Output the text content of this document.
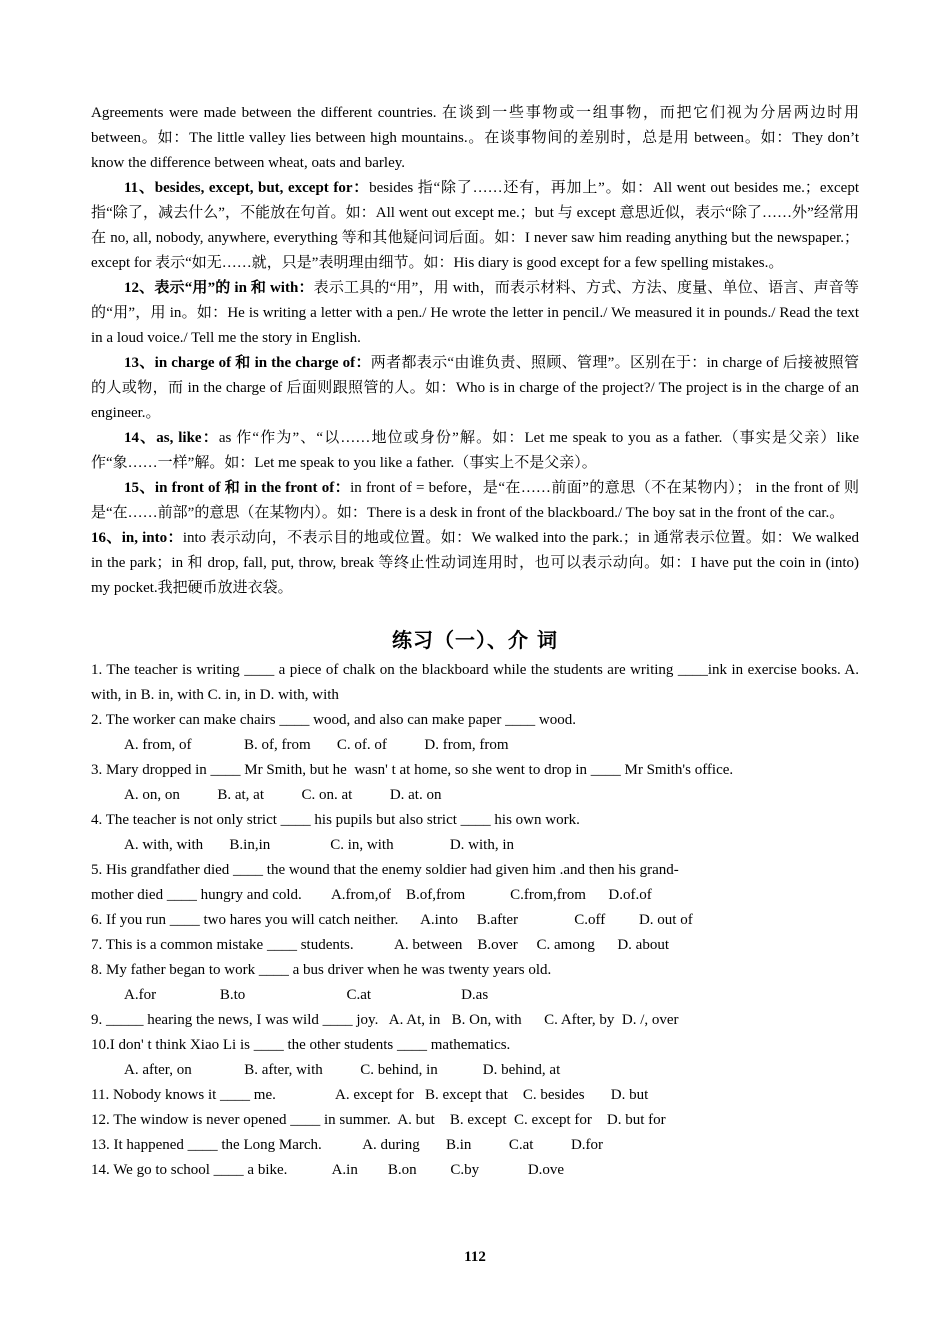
Agreements were made between the different countries. 在谈到一些事物或一组事物，而把它们视为分居两边时用 between。如：The little valley lies between high mountains.。在谈事物间的差别时，总是用 between。如：They don’t know the difference between wheat, oats and barley.

11、besides, except, but, except for：besides 指“除了……还有，再加上”。如：All went out besides me.；except 指“除了，减去什么”，不能放在句首。如：All went out except me.；but 与 except 意思近似，表示“除了……外”经常用在 no, all, nobody, anywhere, everything 等和其他疑问词后面。如：I never saw him reading anything but the newspaper.；except for 表示“如无……就，只是”表明理由细节。如：His diary is good except for a few spelling mistakes.。

12、表示“用”的 in 和 with：表示工具的“用”，用 with，而表示材料、方式、方法、度量、单位、语言、声音等的“用”，用 in。如：He is writing a letter with a pen./ He wrote the letter in pencil./ We measured it in pounds./ Read the text in a loud voice./ Tell me the story in English.

13、in charge of 和 in the charge of：两者都表示“由谁负责、照顾、管理”。区别在于：in charge of 后接被照管的人或物，而 in the charge of 后面则跟照管的人。如：Who is in charge of the project?/ The project is in the charge of an engineer.。

14、as, like：as 作“作为”、“以……地位或身份”解。如：Let me speak to you as a father.（事实是父亲）like 作“象……一样”解。如：Let me speak to you like a father.（事实上不是父亲）。

15、in front of 和 in the front of：in front of = before，是“在……前面”的意思（不在某物内）； in the front of 则是“在……前部”的意思（在某物内）。如：There is a desk in front of the blackboard./ The boy sat in the front of the car.。

16、in, into：into 表示动向，不表示目的地或位置。如：We walked into the park.；in 通常表示位置。如：We walked in the park；in 和 drop, fall, put, throw, break 等终止性动词连用时，也可以表示动向。如：I have put the coin in (into) my pocket.我把硬币放进衣袋。

练习（一）、介 词

1. The teacher is writing ____ a piece of chalk on the blackboard while the students are writing ____ink in exercise books. A. with, in B. in, with C. in, in D. with, with

2. The worker can make chairs ____ wood, and also can make paper ____ wood.

A. from, of              B. of, from       C. of. of          D. from, from

3. Mary dropped in ____ Mr Smith, but he  wasn' t at home, so she went to drop in ____ Mr Smith's office.

A. on, on          B. at, at          C. on. at          D. at. on

4. The teacher is not only strict ____ his pupils but also strict ____ his own work.

A. with, with       B.in,in                C. in, with               D. with, in

5. His grandfather died ____ the wound that the enemy soldier had given him .and then his grand-

mother died ____ hungry and cold.        A.from,of    B.of,from            C.from,from      D.of.of

6. If you run ____ two hares you will catch neither.      A.into     B.after               C.off         D. out of

7. This is a common mistake ____ students.           A. between    B.over     C. among      D. about

8. My father began to work ____ a bus driver when he was twenty years old.

A.for                 B.to                           C.at                        D.as

9. _____ hearing the news, I was wild ____ joy.   A. At, in   B. On, with      C. After, by  D. /, over

10.I don' t think Xiao Li is ____ the other students ____ mathematics.

A. after, on              B. after, with          C. behind, in            D. behind, at

11. Nobody knows it ____ me.                A. except for   B. except that    C. besides       D. but

12. The window is never opened ____ in summer.  A. but    B. except  C. except for    D. but for

13. It happened ____ the Long March.           A. during       B.in          C.at          D.for

14. We go to school ____ a bike.            A.in        B.on         C.by             D.ove

112
